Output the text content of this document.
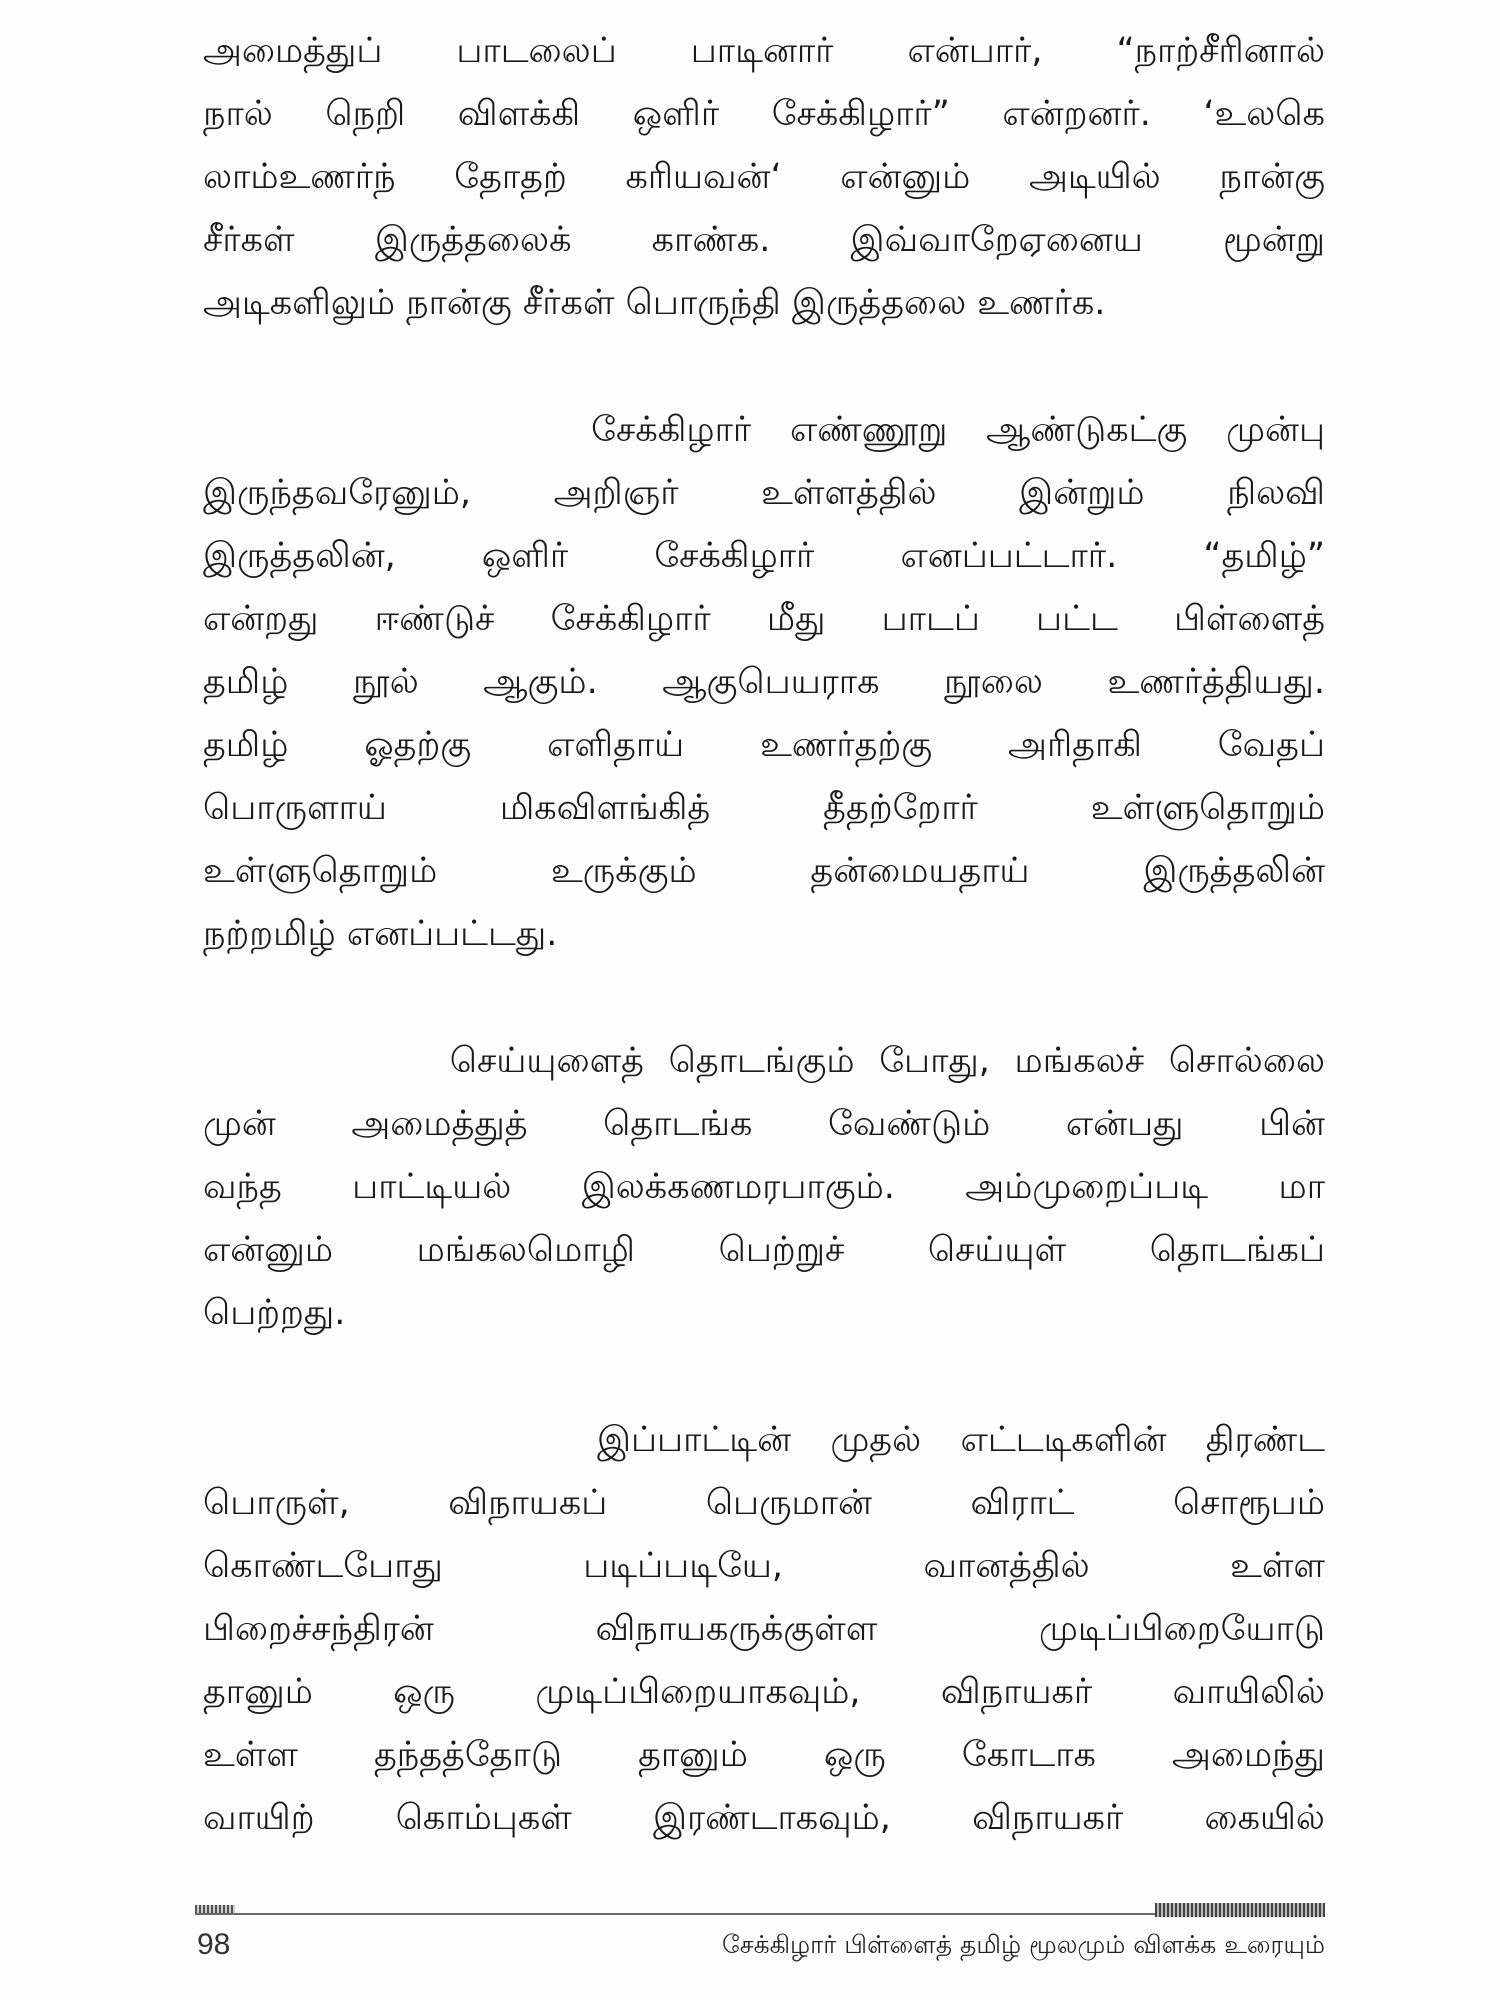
அமைத்துப் பாடலைப் பாடினார் என்பார், “நாற்சீரினால்
நால் நெறி விளக்கி ஒளிர் சேக்கிழார்” என்றனர். ‘உலகெ
லாம்உணர்ந் தோதற் கரியவன்‘ என்னும் அடியில் நான்கு
சீர்கள் இருத்தலைக் காண்க. இவ்வாறேஏனைய மூன்று
அடிகளிலும் நான்கு சீர்கள் பொருந்தி இருத்தலை உணர்க.
சேக்கிழார் எண்ணூறு ஆண்டுகட்கு முன்பு
இருந்தவரேனும், அறிஞர் உள்ளத்தில் இன்றும் நிலவி
இருத்தலின், ஒளிர் சேக்கிழார் எனப்பட்டார். “தமிழ்”
என்றது ஈண்டுச் சேக்கிழார் மீது பாடப் பட்ட பிள்ளைத்
தமிழ் நூல் ஆகும். ஆகுபெயராக நூலை உணர்த்தியது.
தமிழ் ஓதற்கு எளிதாய் உணர்தற்கு அரிதாகி வேதப்
பொருளாய் மிகவிளங்கித் தீதற்றோர் உள்ளுதொறும்
உள்ளுதொறும் உருக்கும் தன்மையதாய் இருத்தலின்
நற்றமிழ் எனப்பட்டது.
செய்யுளைத் தொடங்கும் போது, மங்கலச் சொல்லை
முன் அமைத்துத் தொடங்க வேண்டும் என்பது பின்
வந்த பாட்டியல் இலக்கணமரபாகும். அம்முறைப்படி மா
என்னும் மங்கலமொழி பெற்றுச் செய்யுள் தொடங்கப்
பெற்றது.
இப்பாட்டின் முதல் எட்டடிகளின் திரண்ட
பொருள், விநாயகப் பெருமான் விராட் சொரூபம்
கொண்டபோது படிப்படியே, வானத்தில் உள்ள
பிறைச்சந்திரன் விநாயகருக்குள்ள முடிப்பிறையோடு
தானும் ஒரு முடிப்பிறையாகவும், விநாயகர் வாயிலில்
உள்ள தந்தத்தோடு தானும் ஒரு கோடாக அமைந்து
வாயிற் கொம்புகள் இரண்டாகவும், விநாயகர் கையில்
98	சேக்கிழார் பிள்ளைத் தமிழ் மூலமும் விளக்க உரையும்
